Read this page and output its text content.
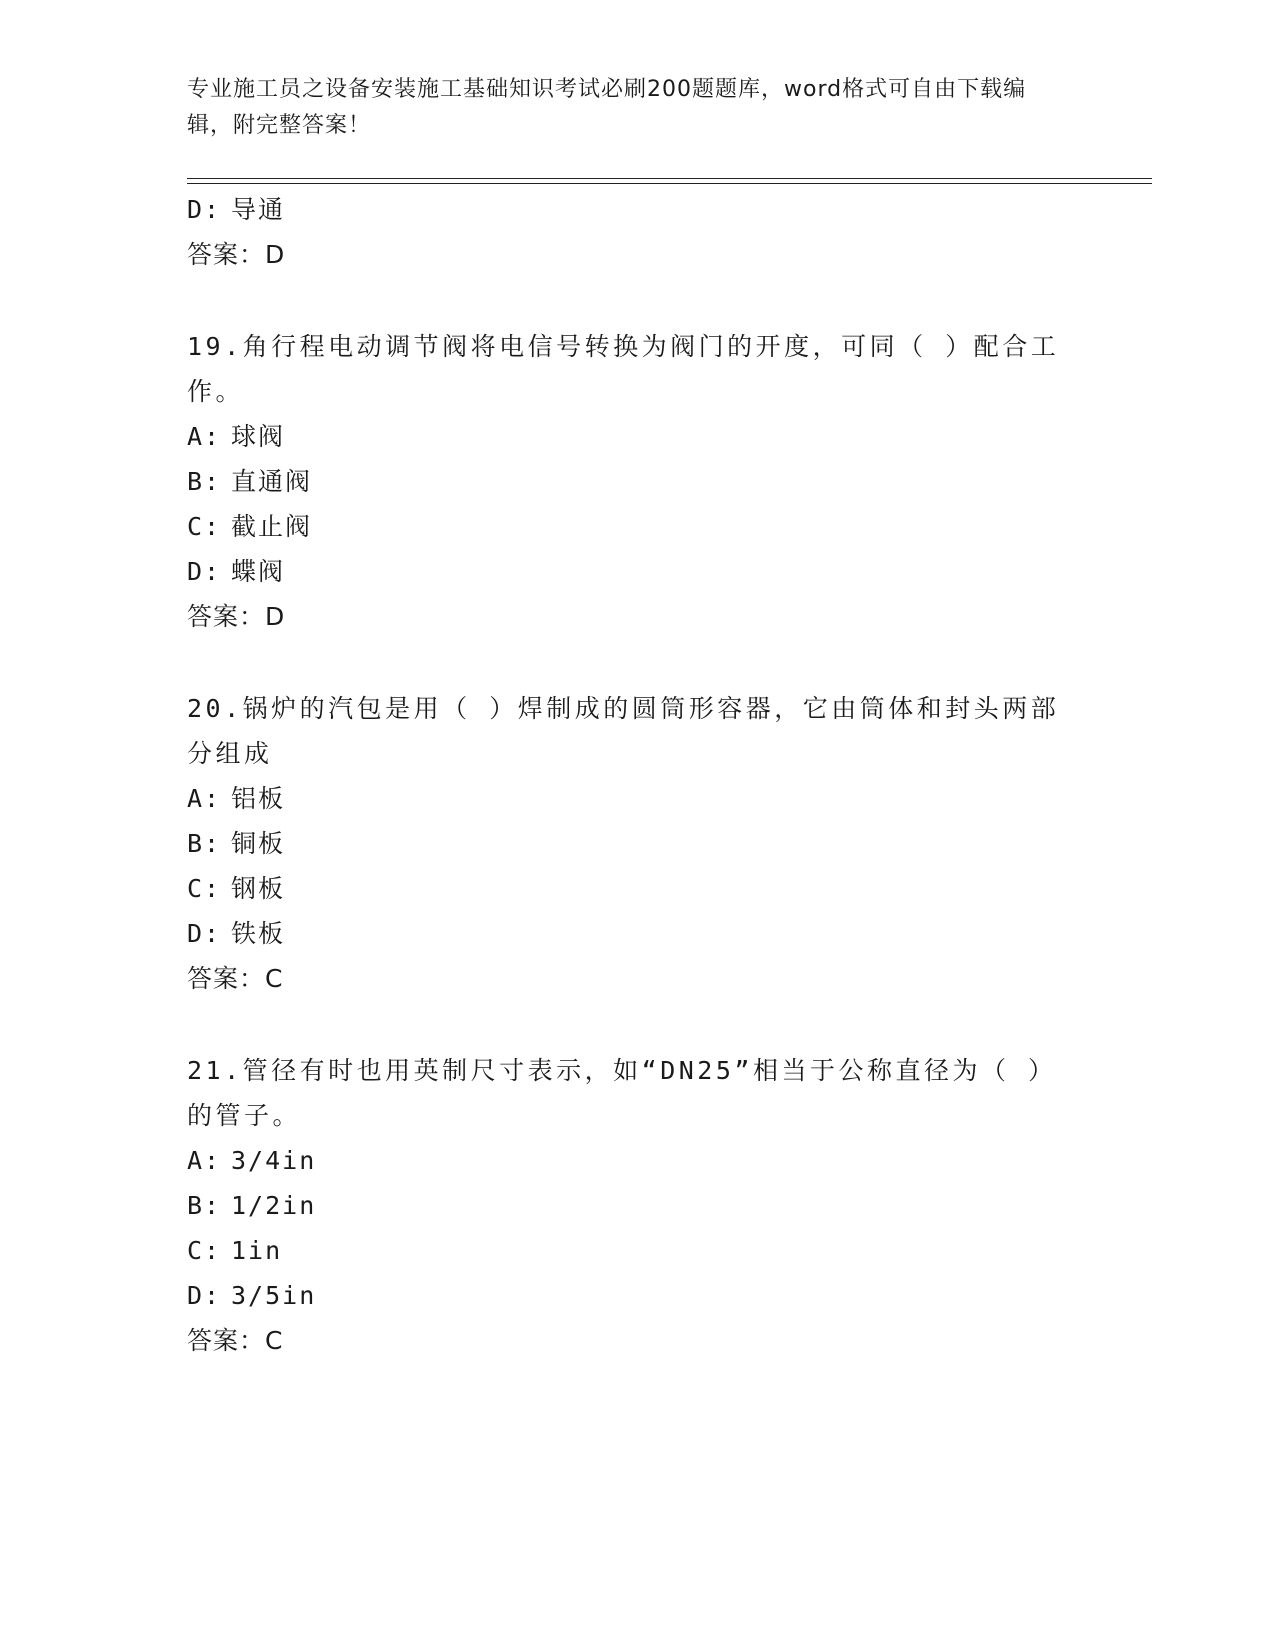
专业施工员之设备安装施工基础知识考试必刷200题题库，word格式可自由下载编辑，附完整答案！
D: 导通
答案：D
19.角行程电动调节阀将电信号转换为阀门的开度，可同（ ）配合工作。
A: 球阀
B: 直通阀
C: 截止阀
D: 蝶阀
答案：D
20.锅炉的汽包是用（ ）焊制成的圆筒形容器，它由筒体和封头两部分组成
A: 铝板
B: 铜板
C: 钢板
D: 铁板
答案：C
21.管径有时也用英制尺寸表示，如“DN25”相当于公称直径为（ ）的管子。
A: 3/4in
B: 1/2in
C: 1in
D: 3/5in
答案：C
